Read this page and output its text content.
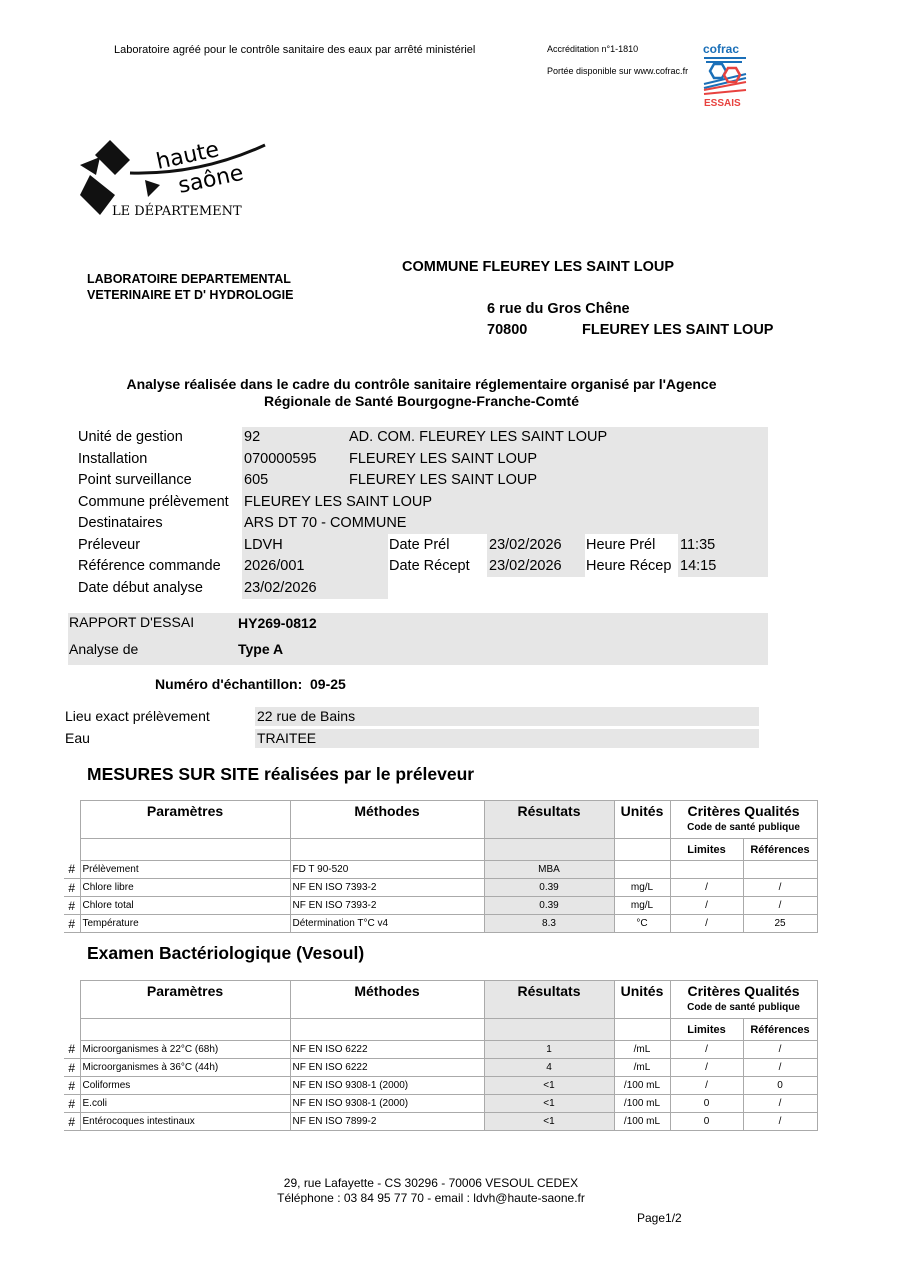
Laboratoire agréé pour le contrôle sanitaire des eaux par arrêté ministériel	Accréditation n°1-1810
Portée disponible sur www.cofrac.fr
cofrac
ESSAIS
haute
saône
LE DÉPARTEMENT
LABORATOIRE DEPARTEMENTAL
VETERINAIRE ET D' HYDROLOGIE
COMMUNE FLEUREY LES SAINT LOUP
6 rue du Gros Chêne
70800	FLEUREY LES SAINT LOUP
Analyse réalisée dans le cadre du contrôle sanitaire réglementaire organisé par l'Agence
Régionale de Santé Bourgogne-Franche-Comté
Unité de gestion	92	AD. COM. FLEUREY LES SAINT LOUP
Installation	070000595 FLEUREY LES SAINT LOUP
Point surveillance	605	FLEUREY LES SAINT LOUP
Commune prélèvement FLEUREY LES SAINT LOUP
Destinataires	ARS DT 70 - COMMUNE
Préleveur	LDVH	Date Prél	23/02/2026 Heure Prél 11:35
Référence commande 2026/001	Date Récept 23/02/2026 Heure Récep 14:15
Date début analyse	23/02/2026
RAPPORT D'ESSAI	HY269-0812
Analyse de	Type A
Numéro d'échantillon:  09-25
Lieu exact prélèvement	22 rue de Bains
Eau	TRAITEE
MESURES SUR SITE réalisées par le préleveur
	Paramètres	Méthodes	Résultats	Unités	Critères Qualités
Code de santé publique	

					Limites	Références
#	Prélèvement	FD T 90-520	MBA			
#	Chlore libre	NF EN ISO 7393-2	0.39	mg/L	/	/
#	Chlore total	NF EN ISO 7393-2	0.39	mg/L	/	/
#	Température	Détermination T°C v4	8.3	°C	/	25
Examen Bactériologique (Vesoul)
	Paramètres	Méthodes	Résultats	Unités	Critères Qualités
Code de santé publique	

					Limites	Références
#	Microorganismes à 22°C (68h)	NF EN ISO 6222	1	/mL	/	/
#	Microorganismes à 36°C (44h)	NF EN ISO 6222	4	/mL	/	/
#	Coliformes	NF EN ISO 9308-1 (2000)	<1	/100 mL	/	0
#	E.coli	NF EN ISO 9308-1 (2000)	<1	/100 mL	0	/
#	Entérocoques intestinaux	NF EN ISO 7899-2	<1	/100 mL	0	/
29, rue Lafayette - CS 30296 - 70006 VESOUL CEDEX
Téléphone : 03 84 95 77 70 - email : ldvh@haute-saone.fr
Page1/2
